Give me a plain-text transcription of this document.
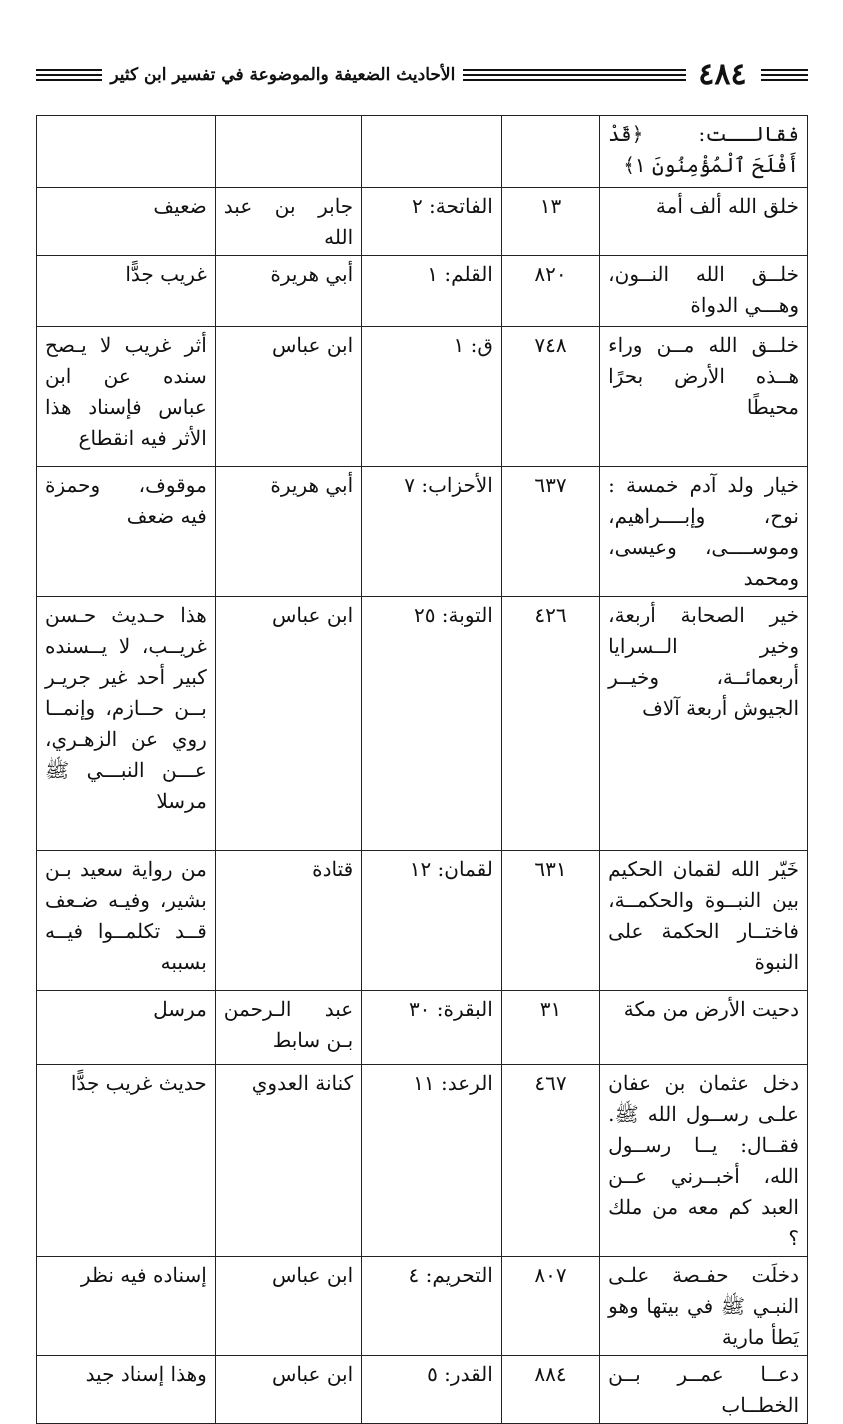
٤٨٤
الأحاديث الضعيفة والموضوعة في تفسير ابن كثير
فقالــت: ﴿قَدْ أَفْلَحَ ٱلْمُؤْمِنُونَ ١﴾	

خلق الله ألف أمة	١٣	الفاتحة: ٢	جابر بن عبد الله	ضعيف
خلــق الله النــون، وهـــي الدواة	٨٢٠	القلم: ١	أبي هريرة	غريب جدًّا
خلــق الله مــن وراء هــذه الأرض بحرًا محيطًا	٧٤٨	ق: ١	ابن عباس	أثر غريب لا يـصح سنده عن ابن عباس فإسناد هذا الأثر فيه انقطاع
خيار ولد آدم خمسة : نوح، وإبــــراهيم، وموســــى، وعيسى، ومحمد	٦٣٧	الأحزاب: ٧	أبي هريرة	موقوف، وحمزة فيه ضعف
خير الصحابة أربعة، وخير الــسرايا أربعمائــة، وخيــر الجيوش أربعة آلاف	٤٢٦	التوبة: ٢٥	ابن عباس	هذا حـديث حـسن غريــب، لا يــسنده كبير أحد غير جريـر بــن حــازم، وإنمــا روي عن الزهـري، عـــن النبـــي ﷺ مرسلا
خَيّر الله لقمان الحكيم بين النبــوة والحكمــة، فاختــار الحكمة على النبوة	٦٣١	لقمان: ١٢	قتادة	من رواية سعيد بـن بشير، وفيـه ضـعف قــد تكلمــوا فيــه بسببه
دحيت الأرض من مكة	٣١	البقرة: ٣٠	عبد الـرحمن بـن سابط	مرسل
دخل عثمان بن عفان علـى رســول الله ﷺ. فقــال: يــا رســول الله، أخبــرني عــن العبد كم معه من ملك ؟	٤٦٧	الرعد: ١١	كنانة العدوي	حديث غريب جدًّا
دخلَت حفـصة علـى النبـي ﷺ في بيتها وهو يَطأ مارية	٨٠٧	التحريم: ٤	ابن عباس	إسناده فيه نظر
دعــا عمــر بــن الخطــاب	٨٨٤	القدر: ٥	ابن عباس	وهذا إسناد جيد
